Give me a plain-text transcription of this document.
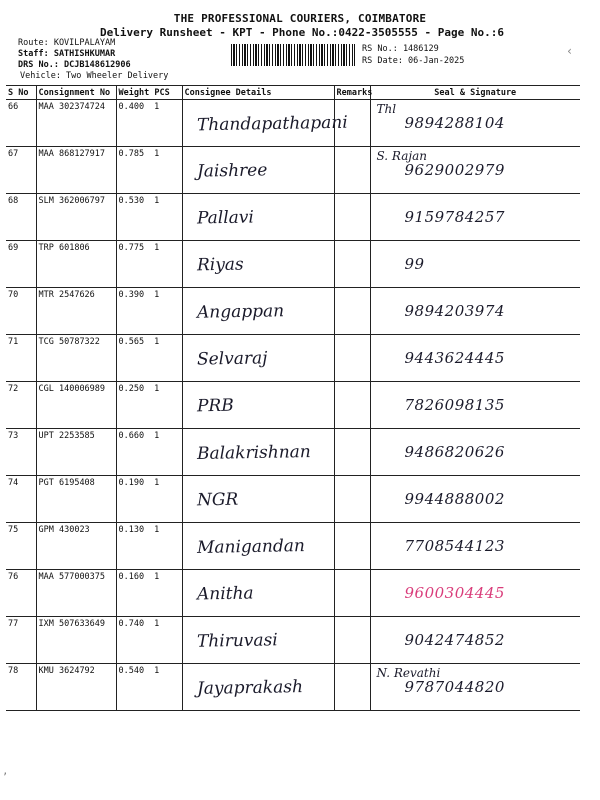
THE PROFESSIONAL COURIERS, COIMBATORE
Delivery Runsheet - KPT - Phone No.:0422-3505555 - Page No.:6
Route: KOVILPALAYAM
Staff: SATHISHKUMAR
DRS No.: DCJB148612906
Vehicle: Two Wheeler Delivery
RS No.: 1486129
RS Date: 06-Jan-2025
‹
S No	Consignment No	Weight PCS	Consignee Details	Remarks	Seal & Signature
66	MAA 302374724	0.400 1	Thandapathapani		Thl
9894288104

67	MAA 868127917	0.785 1	Jaishree		S. Rajan
9629002979

68	SLM 362006797	0.530 1	Pallavi		9159784257

69	TRP 601806	0.775 1	Riyas		99

70	MTR 2547626	0.390 1	Angappan		9894203974

71	TCG 50787322	0.565 1	Selvaraj		9443624445

72	CGL 140006989	0.250 1	PRB		7826098135

73	UPT 2253585	0.660 1	Balakrishnan		9486820626

74	PGT 6195408	0.190 1	NGR		9944888002

75	GPM 430023	0.130 1	Manigandan		7708544123

76	MAA 577000375	0.160 1	Anitha		9600304445

77	IXM 507633649	0.740 1	Thiruvasi		9042474852

78	KMU 3624792	0.540 1	Jayaprakash		N. Revathi
9787044820
’
